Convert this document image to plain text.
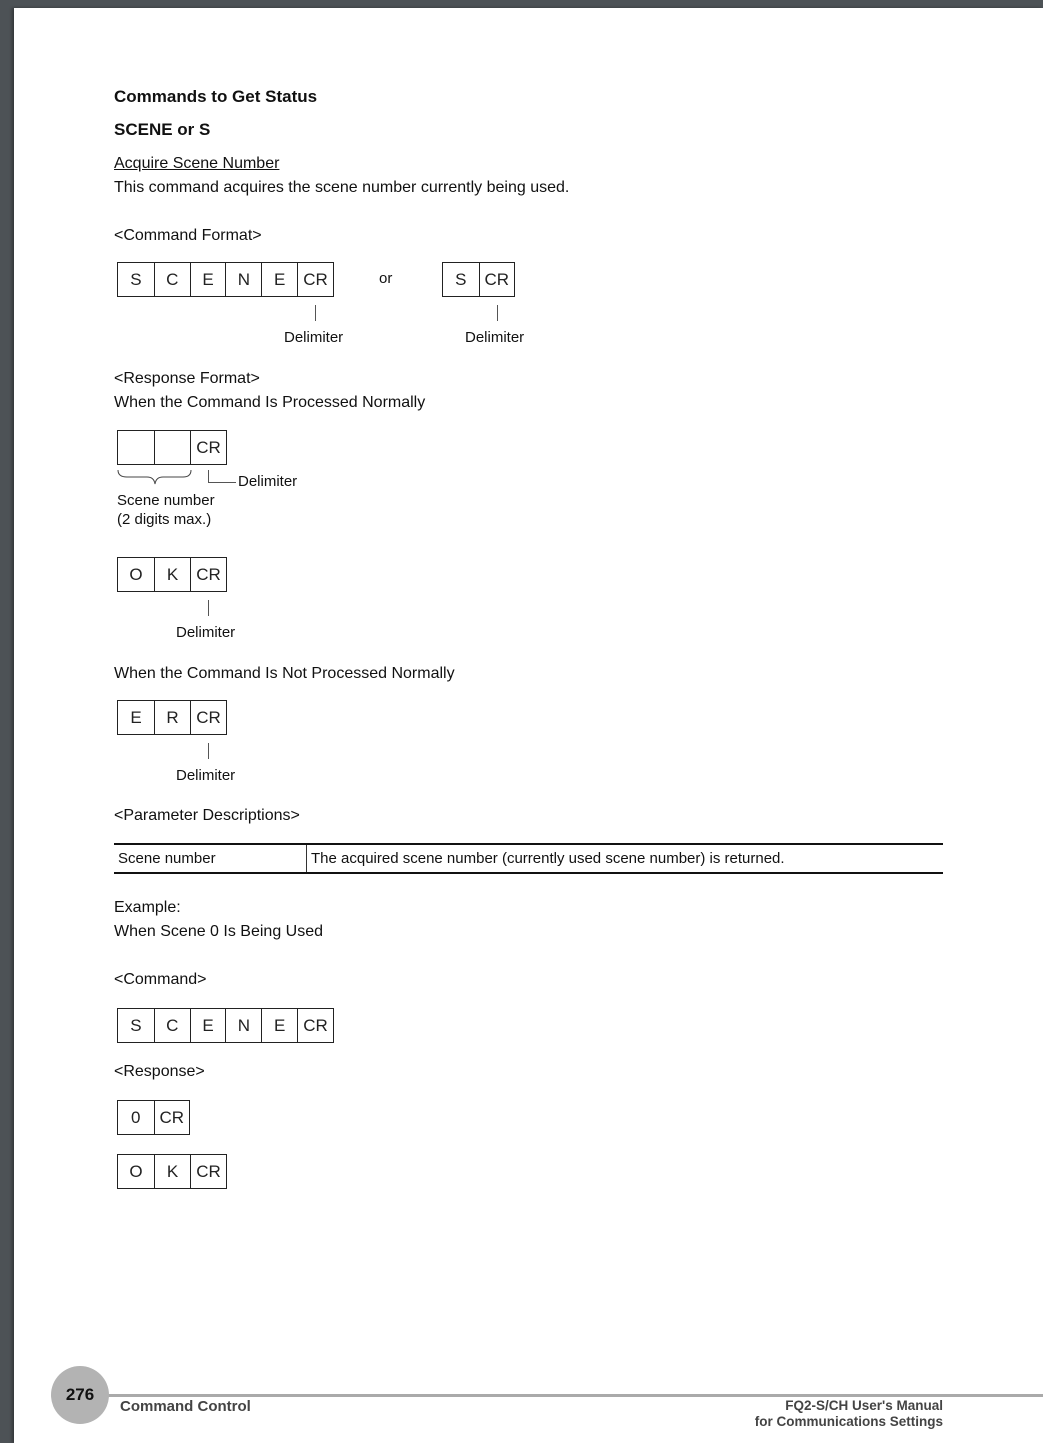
Commands to Get Status
SCENE or S
Acquire Scene Number
This command acquires the scene number currently being used.
<Command Format>
S	C	E	N	E	CR	or	S	CR
Delimiter	Delimiter
<Response Format>
When the Command Is Processed Normally
CR
Delimiter
Scene number
(2 digits max.)
O	K	CR
Delimiter
When the Command Is Not Processed Normally
E	R	CR
Delimiter
<Parameter Descriptions>
Scene number	The acquired scene number (currently used scene number) is returned.
Example:
When Scene 0 Is Being Used
<Command>
S	C	E	N	E	CR
<Response>
0	CR
O	K	CR
276
Command Control	FQ2-S/CH User's Manual
for Communications Settings
